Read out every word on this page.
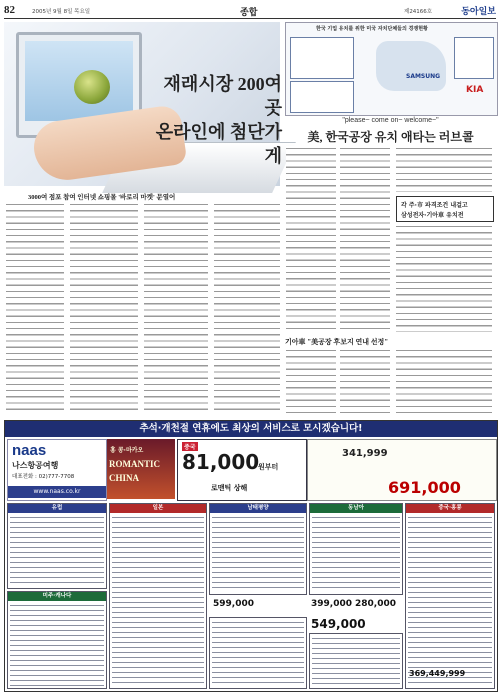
82	2005년 9월 8일 목요일	종합	제24166호	동아일보
재래시장 200여곳
온라인에 첨단가게
3000여 점포 참여 인터넷 쇼핑몰 '바로리 마켓' 문열어
한국 기업 유치를 위한 미국 자치단체들의 경쟁현황
SAMSUNG
KIA
"please~ come on~ welcome~"
美, 한국공장 유치 애타는 러브콜
각 주·市 파격조건 내걸고
삼성전자·기아車 유치전
기아車 "美공장 후보지 연내 선정"
추석·개천절 연휴에도 최상의 서비스로 모시겠습니다!
naas
나스항공여행
대표전화 : 02)777-7708
www.naas.co.kr
홍 콩·마카오
ROMANTIC
CHINA
중국
81,000
원부터
341,999
691,000
유럽
미주·캐나다
일본	남태평양	동남아	중국·홍콩
로맨틱 상해
599,000	399,000 280,000
549,000
369,449,999
